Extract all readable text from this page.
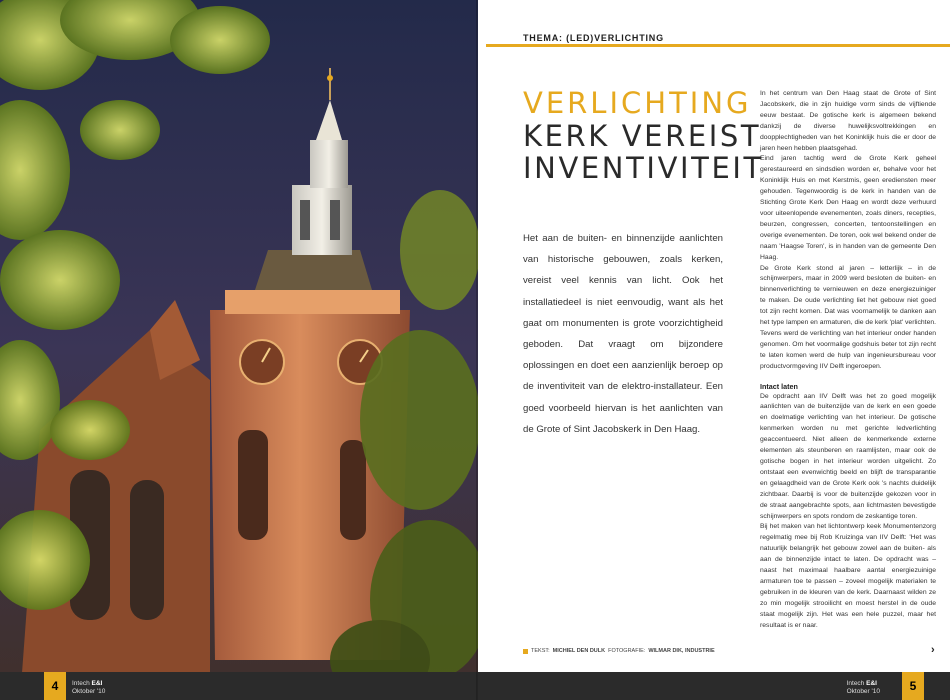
4	Intech E&I
Oktober '10
THEMA: (LED)VERLICHTING
VERLICHTING
KERK VEREIST
INVENTIVITEIT
Het aan de buiten- en binnenzijde aanlichten van historische gebouwen, zoals kerken, vereist veel kennis van licht. Ook het installatiedeel is niet eenvoudig, want als het gaat om monumenten is grote voorzichtigheid geboden. Dat vraagt om bijzondere oplossingen en doet een aanzienlijk beroep op de inventiviteit van de elektro-installateur. Een goed voorbeeld hiervan is het aanlichten van de Grote of Sint Jacobskerk in Den Haag.

In het centrum van Den Haag staat de Grote of Sint Jacobskerk, die in zijn huidige vorm sinds de vijftiende eeuw bestaat. De gotische kerk is algemeen bekend dankzij de diverse huwelijksvoltrekkingen en doopplechtigheden van het Koninklijk huis die er door de jaren heen hebben plaatsgehad.

Eind jaren tachtig werd de Grote Kerk geheel gerestaureerd en sindsdien worden er, behalve voor het Koninklijk Huis en met Kerstmis, geen erediensten meer gehouden. Tegenwoordig is de kerk in handen van de Stichting Grote Kerk Den Haag en wordt deze verhuurd voor uiteenlopende evenementen, zoals diners, recepties, beurzen, congressen, concerten, tentoonstellingen en overige evenementen. De toren, ook wel bekend onder de naam 'Haagse Toren', is in handen van de gemeente Den Haag.

De Grote Kerk stond al jaren – letterlijk – in de schijnwerpers, maar in 2009 werd besloten de buiten- en binnenverlichting te vernieuwen en deze energiezuiniger te maken. De oude verlichting liet het gebouw niet goed tot zijn recht komen. Dat was voornamelijk te danken aan het type lampen en armaturen, die de kerk 'plat' verlichten. Tevens werd de verlichting van het interieur onder handen genomen. Om het voormalige godshuis beter tot zijn recht te laten komen werd de hulp van ingenieursbureau voor productvormgeving IIV Delft ingeroepen.

Intact laten

De opdracht aan IIV Delft was het zo goed mogelijk aanlichten van de buitenzijde van de kerk en een goede en doelmatige verlichting van het interieur. De gotische kenmerken worden nu met gerichte ledverlichting geaccentueerd. Niet alleen de kenmerkende externe elementen als steunberen en raamlijsten, maar ook de gotische bogen in het interieur worden uitgelicht. Zo ontstaat een evenwichtig beeld en blijft de transparantie en gelaagdheid van de Grote Kerk ook 's nachts duidelijk zichtbaar. Daarbij is voor de buitenzijde gekozen voor in de straat aangebrachte spots, aan lichtmasten bevestigde schijnwerpers en spots rondom de zeskantige toren.

Bij het maken van het lichtontwerp keek Monumentenzorg regelmatig mee bij Rob Kruizinga van IIV Delft: 'Het was natuurlijk belangrijk het gebouw zowel aan de buiten- als aan de binnenzijde intact te laten. De opdracht was – naast het maximaal haalbare aantal energiezuinige armaturen toe te passen – zoveel mogelijk materialen te gebruiken in de kleuren van de kerk. Daarnaast wilden ze zo min mogelijk strooilicht en moest herstel in de oude staat mogelijk zijn. Het was een hele puzzel, maar het resultaat is er naar.

TEKST: MICHIEL DEN DULK FOTOGRAFIE: WILMAR DIK, INDUSTRIE	›
Intech E&I
Oktober '10	5
